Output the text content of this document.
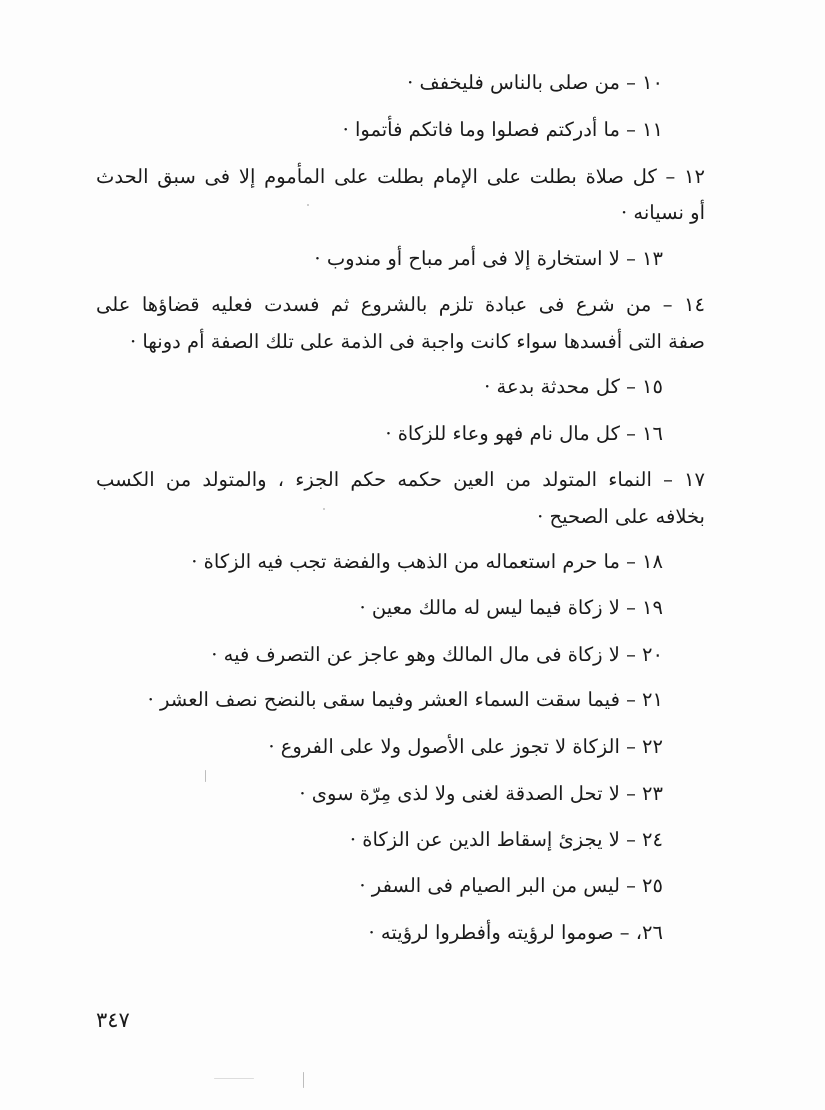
١٠ – من صلى بالناس فليخفف ·
١١ – ما أدركتم فصلوا وما فاتكم فأتموا ·
١٢ – كل صلاة بطلت على الإمام بطلت على المأموم إلا فى سبق الحدث
أو نسيانه ·
١٣ – لا استخارة إلا فى أمر مباح أو مندوب ·
١٤ – من شرع فى عبادة تلزم بالشروع ثم فسدت فعليه قضاؤها على
صفة التى أفسدها سواء كانت واجبة فى الذمة على تلك الصفة أم دونها ·
١٥ – كل محدثة بدعة ·
١٦ – كل مال نام فهو وعاء للزكاة ·
١٧ – النماء المتولد من العين حكمه حكم الجزء ، والمتولد من الكسب
بخلافه على الصحيح ·
١٨ – ما حرم استعماله من الذهب والفضة تجب فيه الزكاة ·
١٩ – لا زكاة فيما ليس له مالك معين ·
٢٠ – لا زكاة فى مال المالك وهو عاجز عن التصرف فيه ·
٢١ – فيما سقت السماء العشر وفيما سقى بالنضح نصف العشر ·
٢٢ – الزكاة لا تجوز على الأصول ولا على الفروع ·
٢٣ – لا تحل الصدقة لغنى ولا لذى مِرّة سوى ·
٢٤ – لا يجزئ إسقاط الدين عن الزكاة ·
٢٥ – ليس من البر الصيام فى السفر ·
٢٦، – صوموا لرؤيته وأفطروا لرؤيته ·
٣٤٧
